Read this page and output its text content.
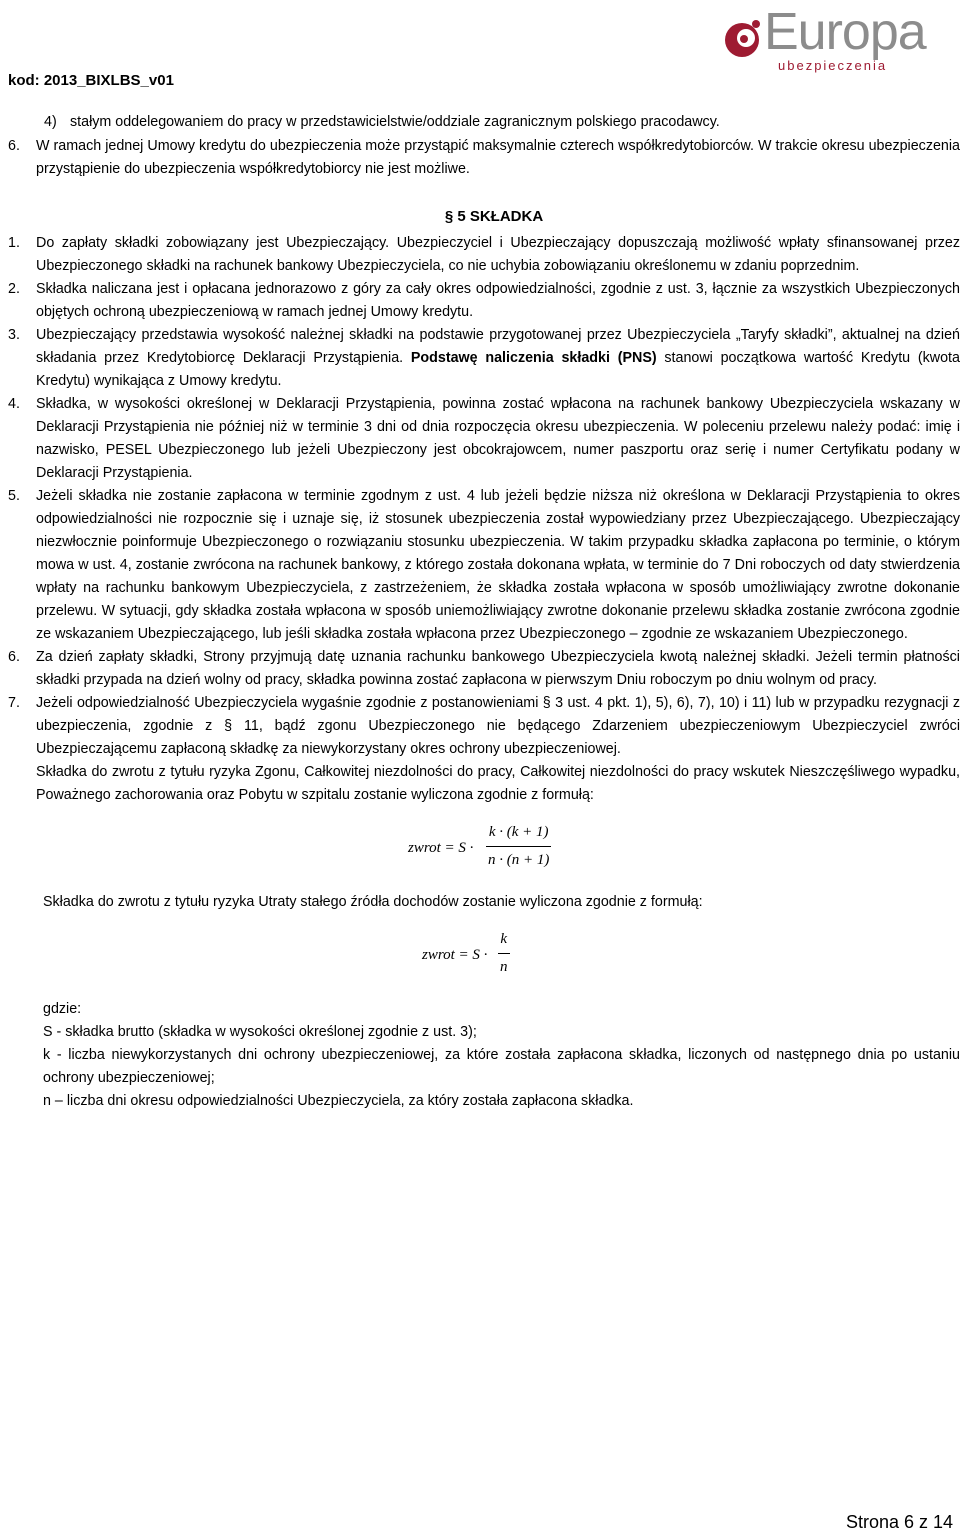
kod: 2013_BIXLBS_v01
Europa
ubezpieczenia
4) stałym oddelegowaniem do pracy w przedstawicielstwie/oddziale zagranicznym polskiego pracodawcy.
6. W ramach jednej Umowy kredytu do ubezpieczenia może przystąpić maksymalnie czterech współkredytobiorców. W trakcie okresu ubezpieczenia przystąpienie do ubezpieczenia współkredytobiorcy nie jest możliwe.
§ 5 SKŁADKA
1. Do zapłaty składki zobowiązany jest Ubezpieczający. Ubezpieczyciel i Ubezpieczający dopuszczają możliwość wpłaty sfinansowanej przez Ubezpieczonego składki na rachunek bankowy Ubezpieczyciela, co nie uchybia zobowiązaniu określonemu w zdaniu poprzednim.
2. Składka naliczana jest i opłacana jednorazowo z góry za cały okres odpowiedzialności, zgodnie z ust. 3, łącznie za wszystkich Ubezpieczonych objętych ochroną ubezpieczeniową w ramach jednej Umowy kredytu.
3. Ubezpieczający przedstawia wysokość należnej składki na podstawie przygotowanej przez Ubezpieczyciela „Taryfy składki”, aktualnej na dzień składania przez Kredytobiorcę Deklaracji Przystąpienia. Podstawę naliczenia składki (PNS) stanowi początkowa wartość Kredytu (kwota Kredytu) wynikająca z Umowy kredytu.
4. Składka, w wysokości określonej w Deklaracji Przystąpienia, powinna zostać wpłacona na rachunek bankowy Ubezpieczyciela wskazany w Deklaracji Przystąpienia nie później niż w terminie 3 dni od dnia rozpoczęcia okresu ubezpieczenia. W poleceniu przelewu należy podać: imię i nazwisko, PESEL Ubezpieczonego lub jeżeli Ubezpieczony jest obcokrajowcem, numer paszportu oraz serię i numer Certyfikatu podany w Deklaracji Przystąpienia.
5. Jeżeli składka nie zostanie zapłacona w terminie zgodnym z ust. 4 lub jeżeli będzie niższa niż określona w Deklaracji Przystąpienia to okres odpowiedzialności nie rozpocznie się i uznaje się, iż stosunek ubezpieczenia został wypowiedziany przez Ubezpieczającego. Ubezpieczający niezwłocznie poinformuje Ubezpieczonego o rozwiązaniu stosunku ubezpieczenia. W takim przypadku składka zapłacona po terminie, o którym mowa w ust. 4, zostanie zwrócona na rachunek bankowy, z którego została dokonana wpłata, w terminie do 7 Dni roboczych od daty stwierdzenia wpłaty na rachunku bankowym Ubezpieczyciela, z zastrzeżeniem, że składka została wpłacona w sposób umożliwiający zwrotne dokonanie przelewu. W sytuacji, gdy składka została wpłacona w sposób uniemożliwiający zwrotne dokonanie przelewu składka zostanie zwrócona zgodnie ze wskazaniem Ubezpieczającego, lub jeśli składka została wpłacona przez Ubezpieczonego – zgodnie ze wskazaniem Ubezpieczonego.
6. Za dzień zapłaty składki, Strony przyjmują datę uznania rachunku bankowego Ubezpieczyciela kwotą należnej składki. Jeżeli termin płatności składki przypada na dzień wolny od pracy, składka powinna zostać zapłacona w pierwszym Dniu roboczym po dniu wolnym od pracy.
7. Jeżeli odpowiedzialność Ubezpieczyciela wygaśnie zgodnie z postanowieniami § 3 ust. 4 pkt. 1), 5), 6), 7), 10) i 11) lub w przypadku rezygnacji z ubezpieczenia, zgodnie z § 11, bądź zgonu Ubezpieczonego nie będącego Zdarzeniem ubezpieczeniowym Ubezpieczyciel zwróci Ubezpieczającemu zapłaconą składkę za niewykorzystany okres ochrony ubezpieczeniowej.
Składka do zwrotu z tytułu ryzyka Zgonu, Całkowitej niezdolności do pracy, Całkowitej niezdolności do pracy wskutek Nieszczęśliwego wypadku, Poważnego zachorowania oraz Pobytu w szpitalu zostanie wyliczona zgodnie z formułą:
zwrot = S ·
k · (k + 1)
n · (n + 1)
Składka do zwrotu z tytułu ryzyka Utraty stałego źródła dochodów zostanie wyliczona zgodnie z formułą:
zwrot = S ·
k
n
gdzie:
S - składka brutto (składka w wysokości określonej zgodnie z ust. 3);
k - liczba niewykorzystanych dni ochrony ubezpieczeniowej, za które została zapłacona składka, liczonych od następnego dnia po ustaniu ochrony ubezpieczeniowej;
n – liczba dni okresu odpowiedzialności Ubezpieczyciela, za który została zapłacona składka.
Strona 6 z 14
